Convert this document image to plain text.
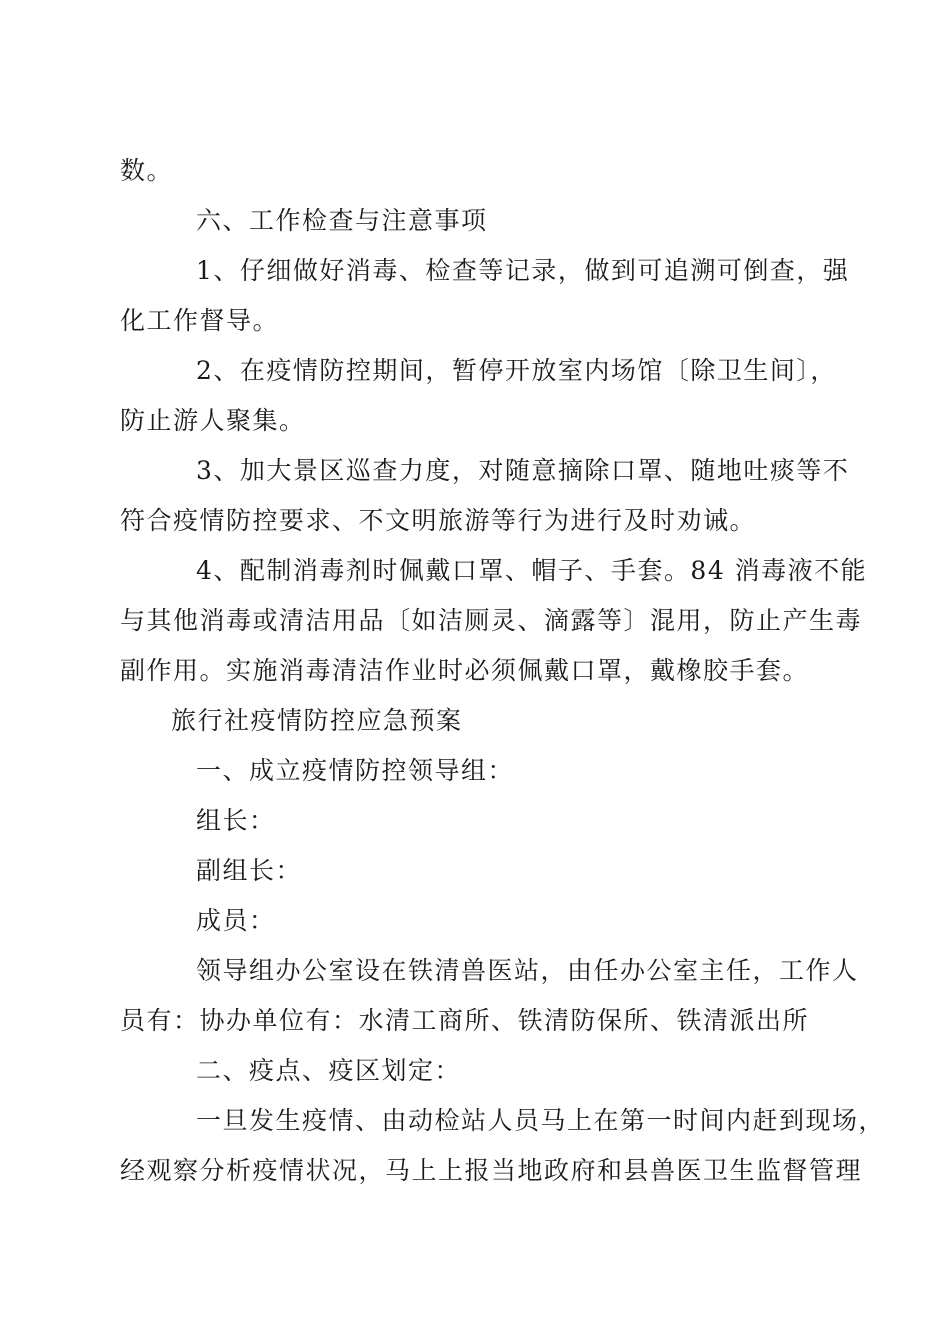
数。
六、工作检查与注意事项
1、仔细做好消毒、检查等记录，做到可追溯可倒查，强
化工作督导。
2、在疫情防控期间，暂停开放室内场馆〔除卫生间〕，
防止游人聚集。
3、加大景区巡查力度，对随意摘除口罩、随地吐痰等不
符合疫情防控要求、不文明旅游等行为进行及时劝诫。
4、配制消毒剂时佩戴口罩、帽子、手套。84 消毒液不能
与其他消毒或清洁用品〔如洁厕灵、滴露等〕混用，防止产生毒
副作用。实施消毒清洁作业时必须佩戴口罩，戴橡胶手套。
旅行社疫情防控应急预案
一、成立疫情防控领导组：
组长：
副组长：
成员：
领导组办公室设在铁清兽医站，由任办公室主任，工作人
员有：协办单位有：水清工商所、铁清防保所、铁清派出所
二、疫点、疫区划定：
一旦发生疫情、由动检站人员马上在第一时间内赶到现场，
经观察分析疫情状况，马上上报当地政府和县兽医卫生监督管理
